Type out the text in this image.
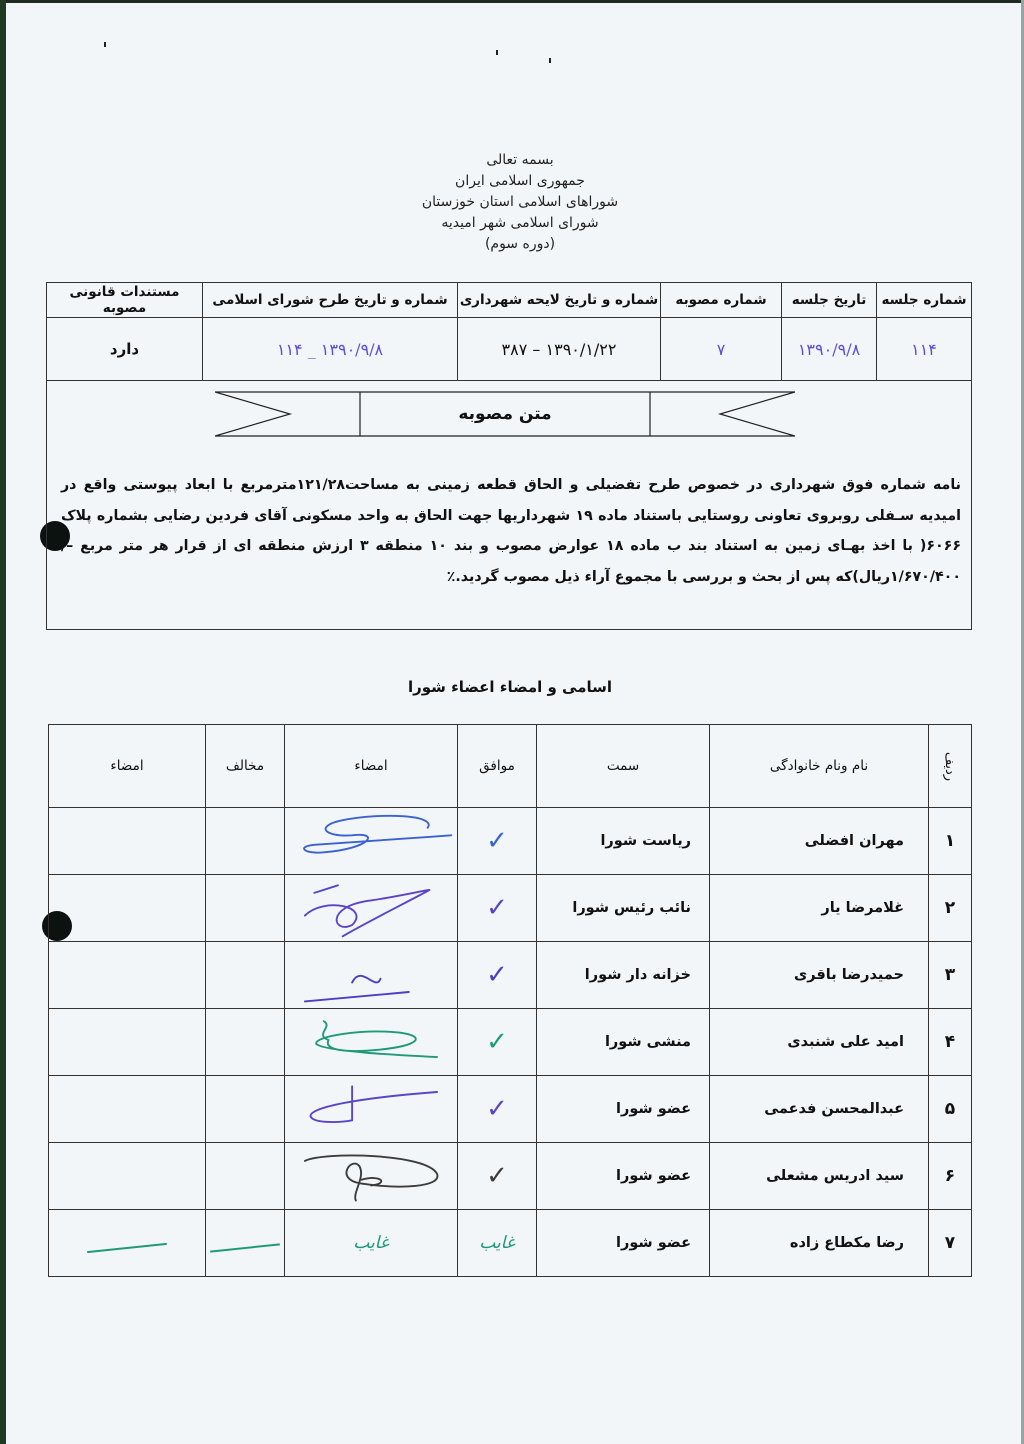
بسمه تعالی
جمهوری اسلامی ایران
شوراهای اسلامی استان خوزستان
شورای اسلامی شهر امیدیه
(دوره سوم)
شماره جلسه	تاریخ جلسه	شماره مصوبه	شماره و تاریخ لایحه شهرداری	شماره و تاریخ طرح شورای اسلامی	مستندات قانونی مصوبه
۱۱۴	۱۳۹۰/۹/۸	۷	۱۳۹۰/۱/۲۲ – ۳۸۷	۱۳۹۰/۹/۸ _ ۱۱۴	دارد
متن مصوبه
نامه شماره فوق شهرداری در خصوص طرح تفضیلی و الحاق قطعه زمینی به مساحت۱۲۱/۲۸مترمربع با ابعاد پیوستی واقع در امیدیه سـفلی روبروی تعاونی روستایی باستناد ماده ۱۹ شهرداریها جهت الحاق به واحد مسکونی آقای فردین رضایی بشماره پلاک ۶۰۶۶( با اخذ بهـای زمین به استناد بند ب ماده ۱۸ عوارض مصوب و بند ۱۰ منطقه ۳ ارزش منطقه ای از قرار هر متر مربع –/۱/۶۷۰/۴۰۰ریال)که پس از بحث و بررسی با مجموع آراء ذیل مصوب گردید.٪
اسامی و امضاء اعضاء شورا
ردیف	نام ونام خانوادگی	سمت	موافق	امضاء	مخالف	امضاء
۱	مهران افضلی	ریاست شورا	✓	

۲	غلامرضا یار	نائب رئیس شورا	✓	

۳	حمیدرضا باقری	خزانه دار شورا	✓	

۴	امید علی شنبدی	منشی شورا	✓	

۵	عبدالمحسن فدعمی	عضو شورا	✓	

۶	سید ادریس مشعلی	عضو شورا	✓	

۷	رضا مکطاع زاده	عضو شورا	غایب	غایب		
